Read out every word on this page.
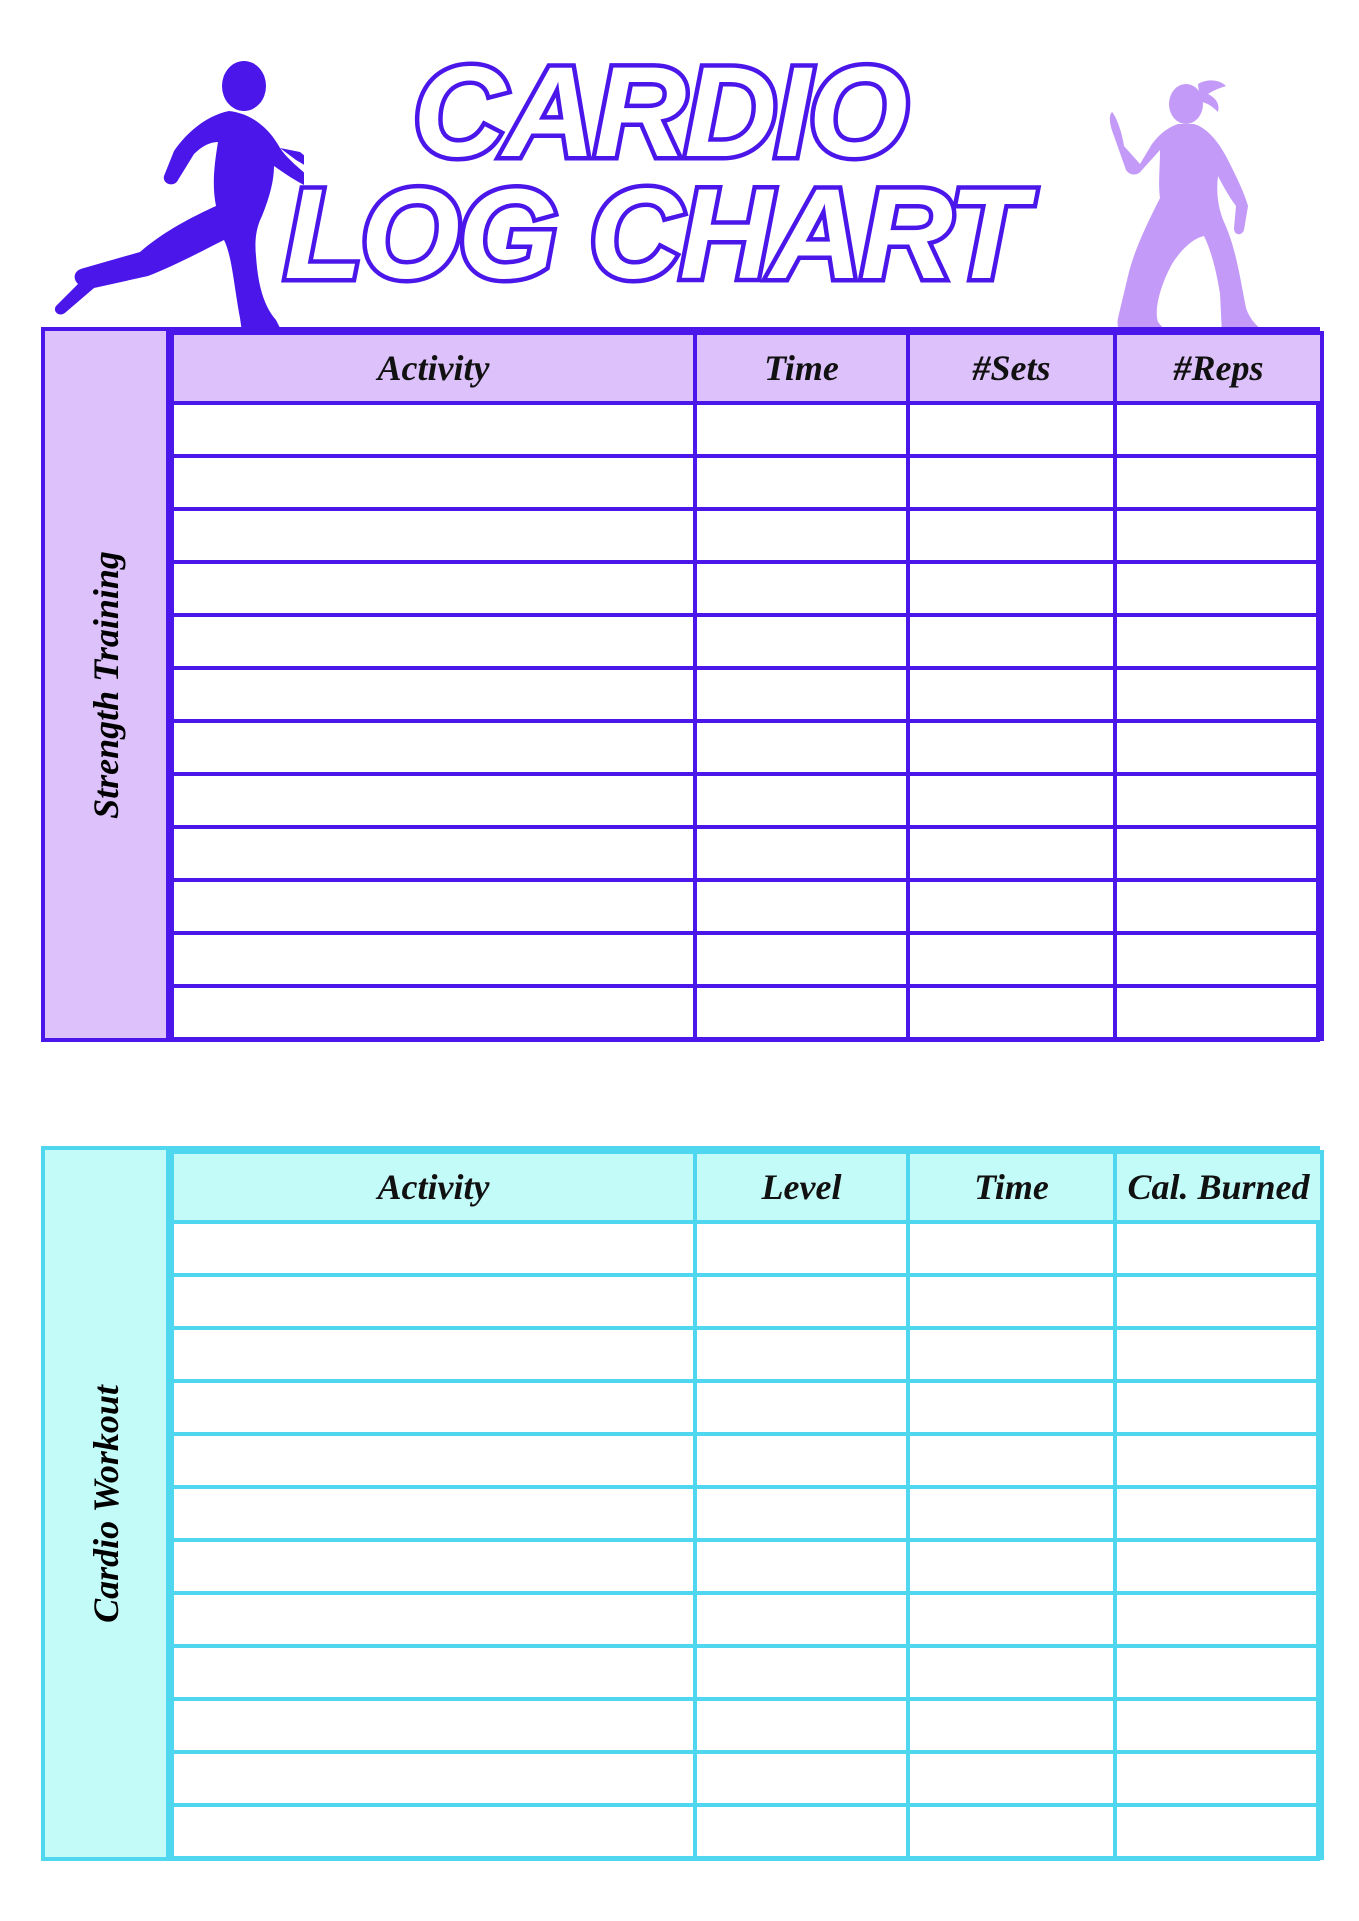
CARDIO
LOG CHART
Strength Training
Activity	Time	#Sets	#Reps

Cardio Workout
Activity	Level	Time	Cal. Burned
